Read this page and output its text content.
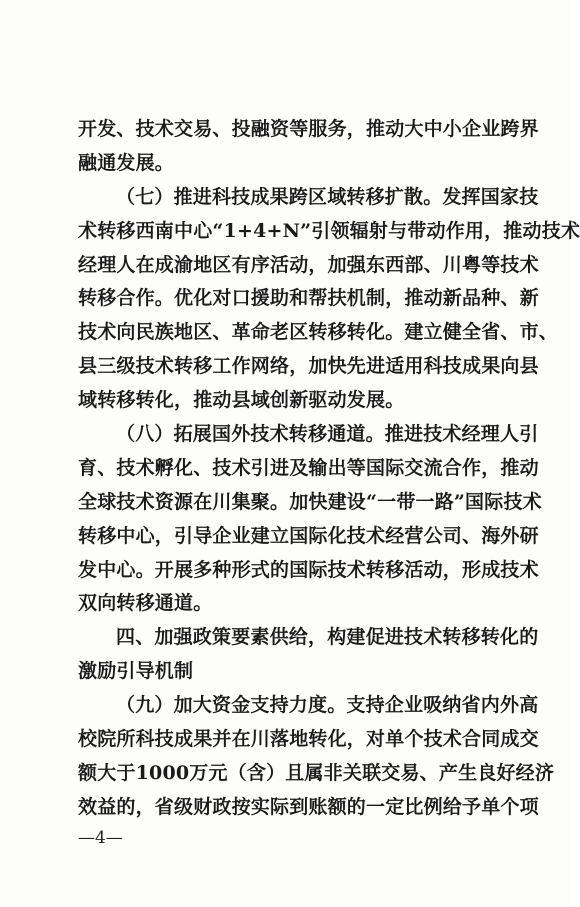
开发、技术交易、投融资等服务，推动大中小企业跨界
融通发展。
（七）推进科技成果跨区域转移扩散。发挥国家技
术转移西南中心“1+4+N”引领辐射与带动作用，推动技术
经理人在成渝地区有序活动，加强东西部、川粤等技术
转移合作。优化对口援助和帮扶机制，推动新品种、新
技术向民族地区、革命老区转移转化。建立健全省、市、
县三级技术转移工作网络，加快先进适用科技成果向县
域转移转化，推动县域创新驱动发展。
（八）拓展国外技术转移通道。推进技术经理人引
育、技术孵化、技术引进及输出等国际交流合作，推动
全球技术资源在川集聚。加快建设“一带一路”国际技术
转移中心，引导企业建立国际化技术经营公司、海外研
发中心。开展多种形式的国际技术转移活动，形成技术
双向转移通道。
四、加强政策要素供给，构建促进技术转移转化的
激励引导机制
（九）加大资金支持力度。支持企业吸纳省内外高
校院所科技成果并在川落地转化，对单个技术合同成交
额大于1000万元（含）且属非关联交易、产生良好经济
效益的，省级财政按实际到账额的一定比例给予单个项
—4—
